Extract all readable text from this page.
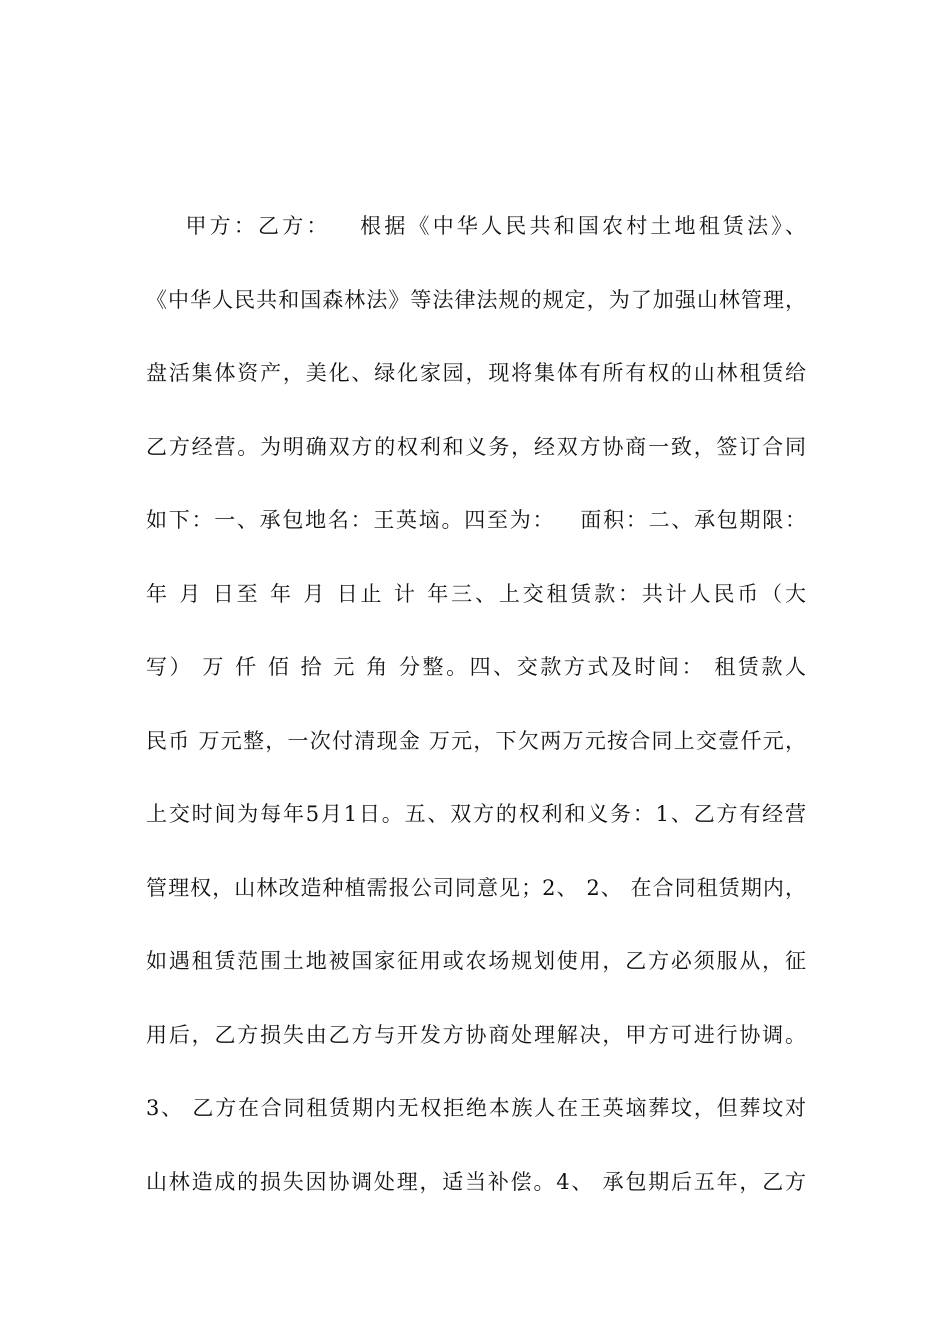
甲方：乙方：   根据《中华人民共和国农村土地租赁法》、
《中华人民共和国森林法》等法律法规的规定，为了加强山林管理，
盘活集体资产，美化、绿化家园，现将集体有所有权的山林租赁给
乙方经营。为明确双方的权利和义务，经双方协商一致，签订合同
如下：一、承包地名：王英垴。四至为：   面积：二、承包期限：
年 月 日至 年 月 日止 计 年三、上交租赁款：共计人民币（大
写） 万 仟 佰 拾 元 角 分整。四、交款方式及时间： 租赁款人
民币 万元整，一次付清现金 万元，下欠两万元按合同上交壹仟元，
上交时间为每年5月1日。五、双方的权利和义务：1、乙方有经营
管理权，山林改造种植需报公司同意见；2、 2、 在合同租赁期内，
如遇租赁范围土地被国家征用或农场规划使用，乙方必须服从，征
用后，乙方损失由乙方与开发方协商处理解决，甲方可进行协调。
3、 乙方在合同租赁期内无权拒绝本族人在王英垴葬坟，但葬坟对
山林造成的损失因协调处理，适当补偿。4、 承包期后五年，乙方
